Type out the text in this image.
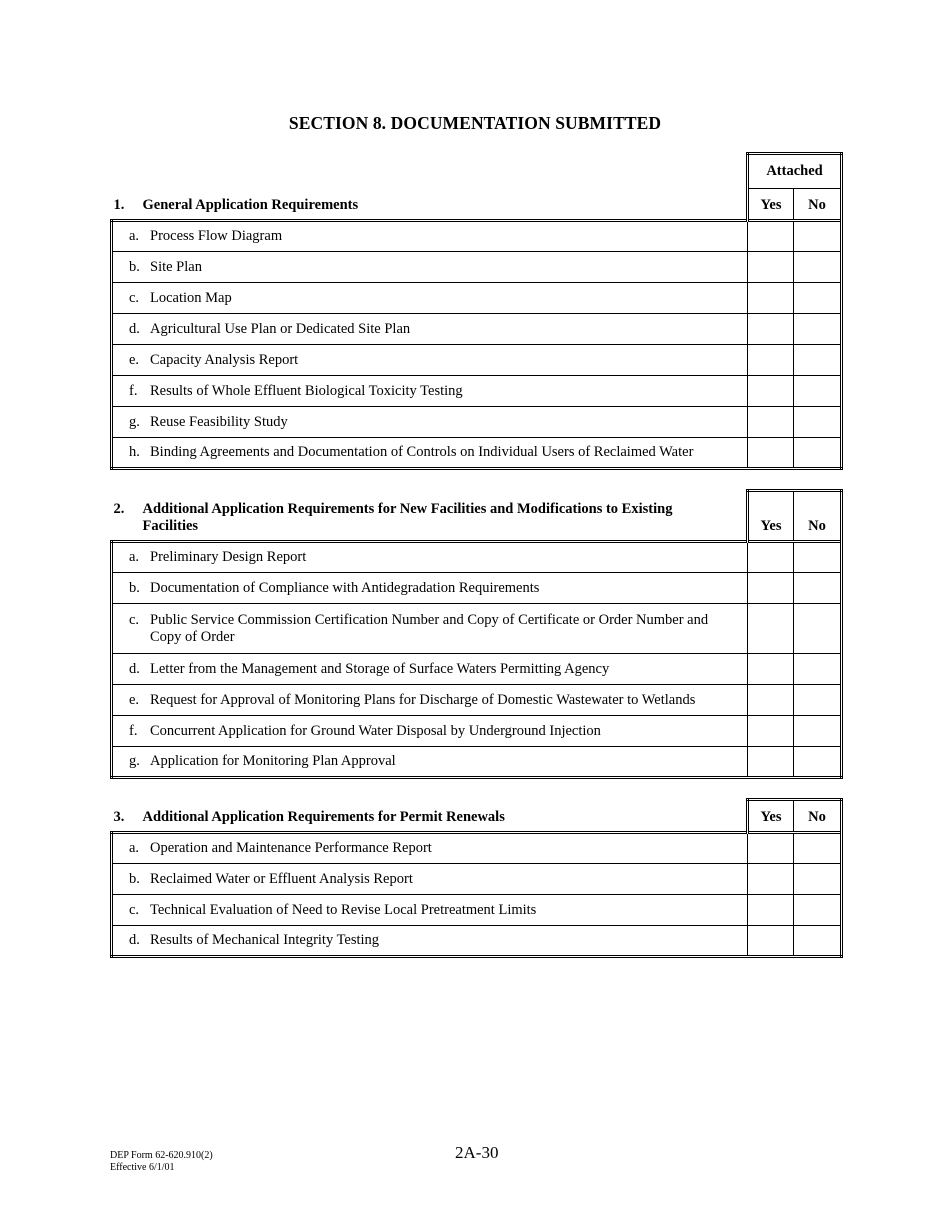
SECTION 8. DOCUMENTATION SUBMITTED
	Attached	

1. General Application Requirements	Yes	No

a. Process Flow Diagram		

b. Site Plan		

c. Location Map		

d. Agricultural Use Plan or Dedicated Site Plan		

e. Capacity Analysis Report		

f. Results of Whole Effluent Biological Toxicity Testing		

g. Reuse Feasibility Study		

h. Binding Agreements and Documentation of Controls on Individual Users of Reclaimed Water		

2. Additional Application Requirements for New Facilities and Modifications to Existing Facilities	Yes	No

a. Preliminary Design Report		

b. Documentation of Compliance with Antidegradation Requirements		

c. Public Service Commission Certification Number and Copy of Certificate or Order Number and Copy of Order		

d. Letter from the Management and Storage of Surface Waters Permitting Agency		

e. Request for Approval of Monitoring Plans for Discharge of Domestic Wastewater to Wetlands		

f. Concurrent Application for Ground Water Disposal by Underground Injection		

g. Application for Monitoring Plan Approval		

3. Additional Application Requirements for Permit Renewals	Yes	No

a. Operation and Maintenance Performance Report		

b. Reclaimed Water or Effluent Analysis Report		

c. Technical Evaluation of Need to Revise Local Pretreatment Limits		

d. Results of Mechanical Integrity Testing		

DEP Form 62-620.910(2)
Effective 6/1/01
2A-30
